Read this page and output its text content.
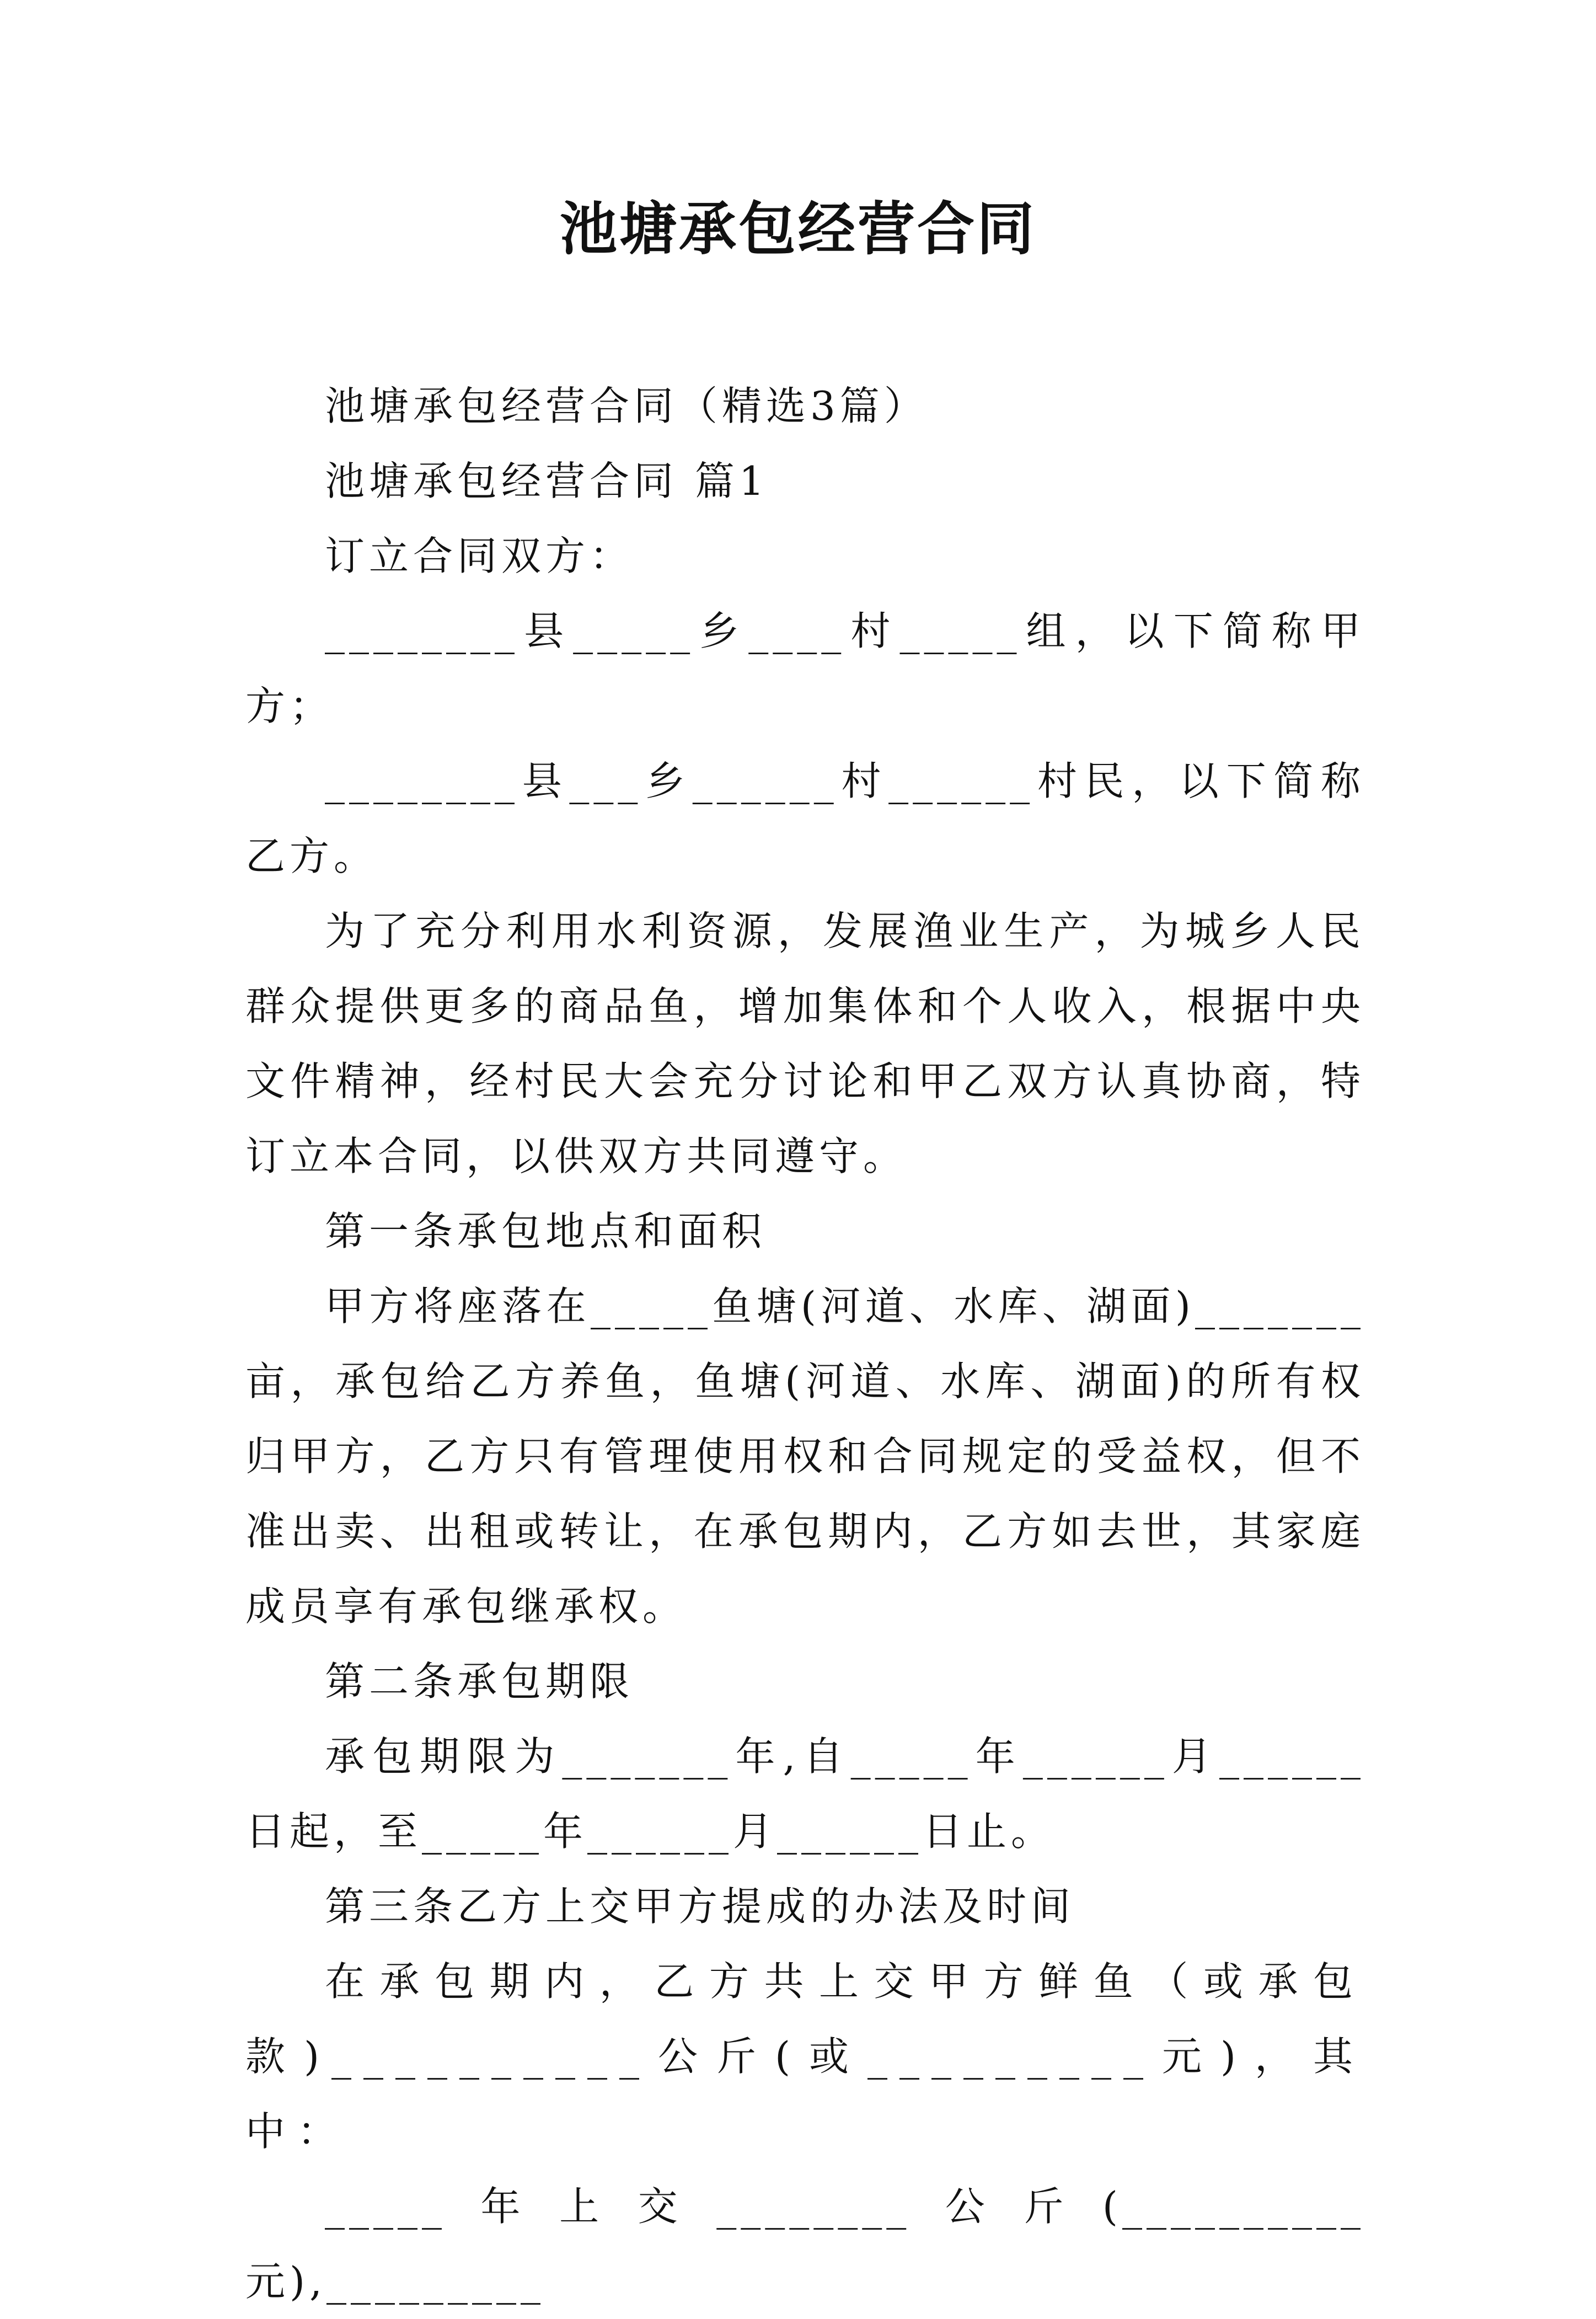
池塘承包经营合同

池塘承包经营合同（精选3篇）

池塘承包经营合同 篇1

订立合同双方：

________县_____乡____村_____组，以下简称甲方；

________县___乡______村______村民，以下简称乙方。

为了充分利用水利资源，发展渔业生产，为城乡人民群众提供更多的商品鱼，增加集体和个人收入，根据中央文件精神，经村民大会充分讨论和甲乙双方认真协商，特订立本合同，以供双方共同遵守。

第一条承包地点和面积

甲方将座落在_____鱼塘(河道、水库、湖面)_______亩，承包给乙方养鱼，鱼塘(河道、水库、湖面)的所有权归甲方，乙方只有管理使用权和合同规定的受益权，但不准出卖、出租或转让，在承包期内，乙方如去世，其家庭成员享有承包继承权。

第二条承包期限

承包期限为_______年,自_____年______月______日起，至_____年______月______日止。

第三条乙方上交甲方提成的办法及时间

在承包期内，乙方共上交甲方鲜鱼（或承包款)__________公斤(或_________元)，其中：

_____年上交________公斤(__________元),_________
